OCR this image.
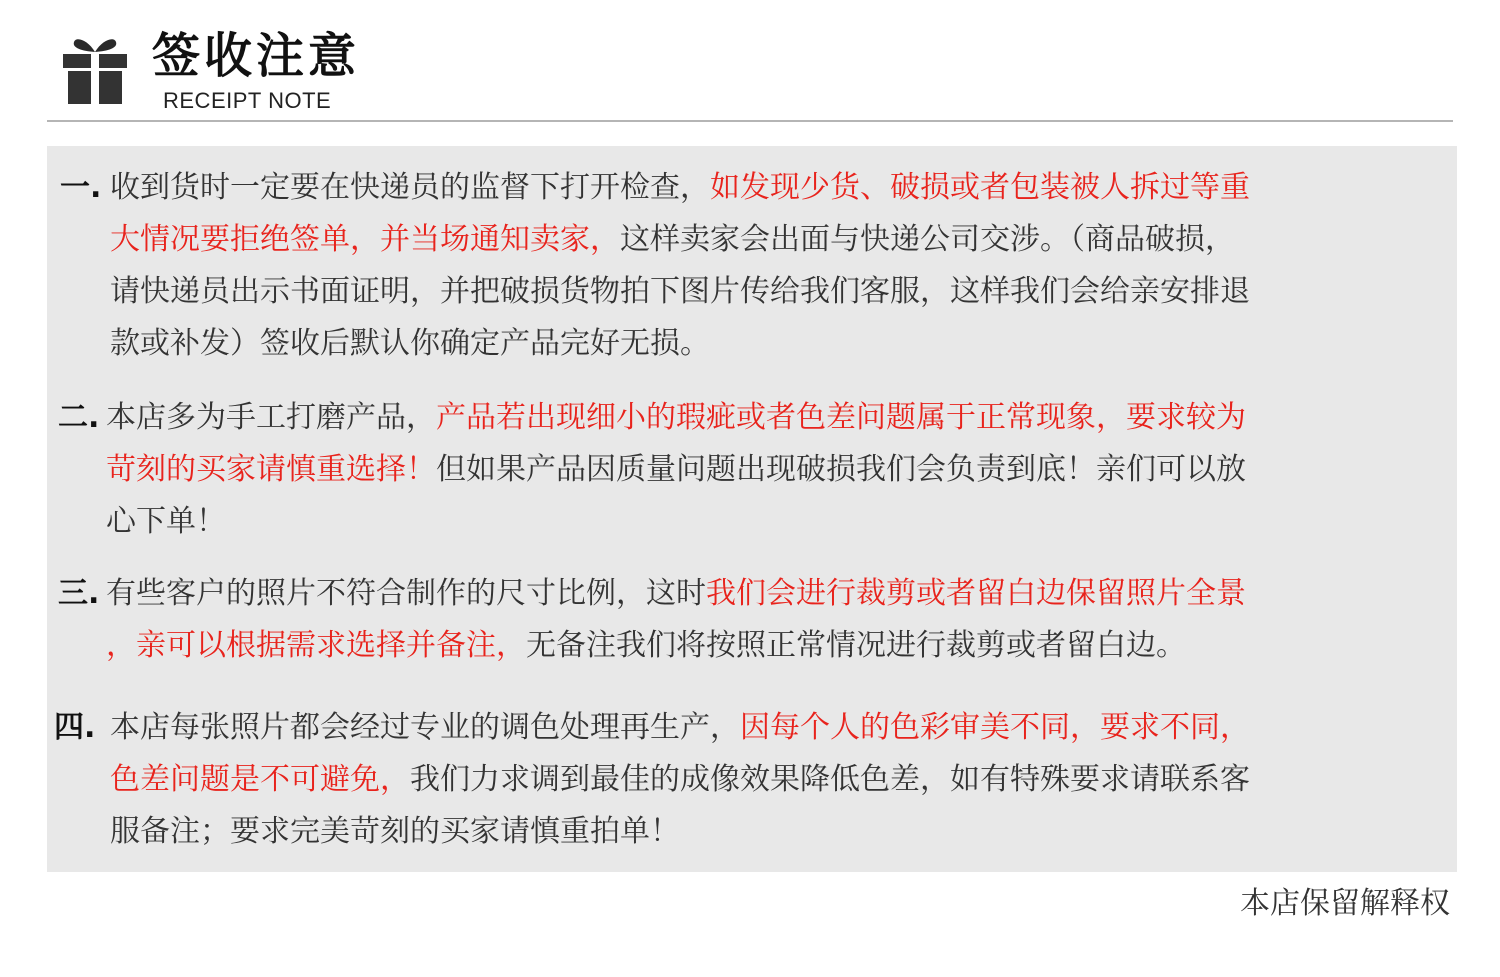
签收注意
RECEIPT NOTE
一. 收到货时一定要在快递员的监督下打开检查，如发现少货、破损或者包装被人拆过等重
大情况要拒绝签单，并当场通知卖家，这样卖家会出面与快递公司交涉。（商品破损，
请快递员出示书面证明，并把破损货物拍下图片传给我们客服，这样我们会给亲安排退
款或补发）签收后默认你确定产品完好无损。
二. 本店多为手工打磨产品，产品若出现细小的瑕疵或者色差问题属于正常现象，要求较为
苛刻的买家请慎重选择！但如果产品因质量问题出现破损我们会负责到底！亲们可以放
心下单！
三. 有些客户的照片不符合制作的尺寸比例，这时我们会进行裁剪或者留白边保留照片全景
，亲可以根据需求选择并备注，无备注我们将按照正常情况进行裁剪或者留白边。
四. 本店每张照片都会经过专业的调色处理再生产，因每个人的色彩审美不同，要求不同，
色差问题是不可避免，我们力求调到最佳的成像效果降低色差，如有特殊要求请联系客
服备注；要求完美苛刻的买家请慎重拍单！
本店保留解释权
